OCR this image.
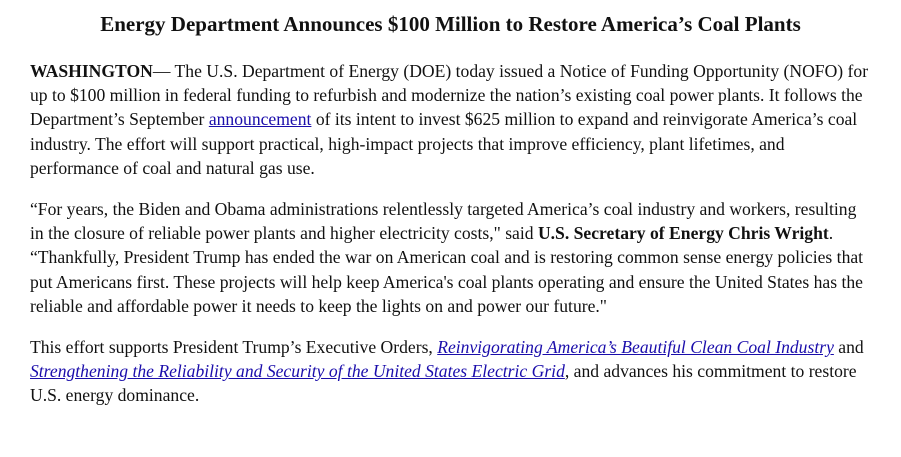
Energy Department Announces $100 Million to Restore America’s Coal Plants

WASHINGTON— The U.S. Department of Energy (DOE) today issued a Notice of Funding Opportunity (NOFO) for up to $100 million in federal funding to refurbish and modernize the nation’s existing coal power plants. It follows the Department’s September announcement of its intent to invest $625 million to expand and reinvigorate America’s coal industry. The effort will support practical, high-impact projects that improve efficiency, plant lifetimes, and performance of coal and natural gas use.

“For years, the Biden and Obama administrations relentlessly targeted America’s coal industry and workers, resulting in the closure of reliable power plants and higher electricity costs," said U.S. Secretary of Energy Chris Wright. “Thankfully, President Trump has ended the war on American coal and is restoring common sense energy policies that put Americans first. These projects will help keep America's coal plants operating and ensure the United States has the reliable and affordable power it needs to keep the lights on and power our future."

This effort supports President Trump’s Executive Orders, Reinvigorating America’s Beautiful Clean Coal Industry and Strengthening the Reliability and Security of the United States Electric Grid, and advances his commitment to restore U.S. energy dominance.
